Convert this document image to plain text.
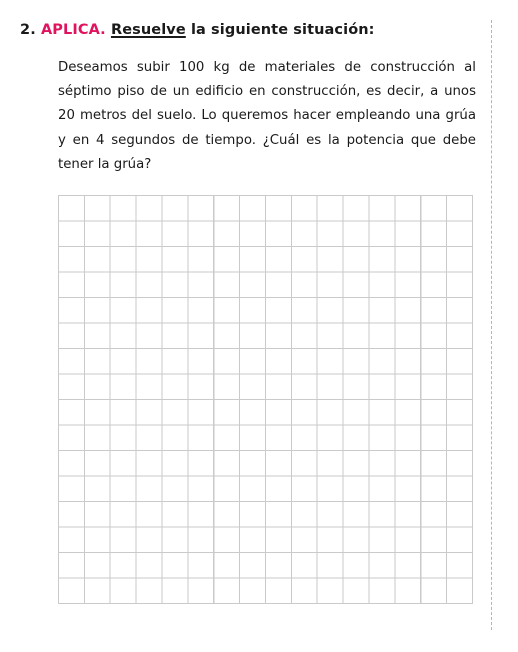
2. APLICA. Resuelve la siguiente situación:
Deseamos subir 100 kg de materiales de construcción al
séptimo piso de un edificio en construcción, es decir, a unos
20 metros del suelo. Lo queremos hacer empleando una grúa
y en 4 segundos de tiempo. ¿Cuál es la potencia que debe
tener la grúa?
